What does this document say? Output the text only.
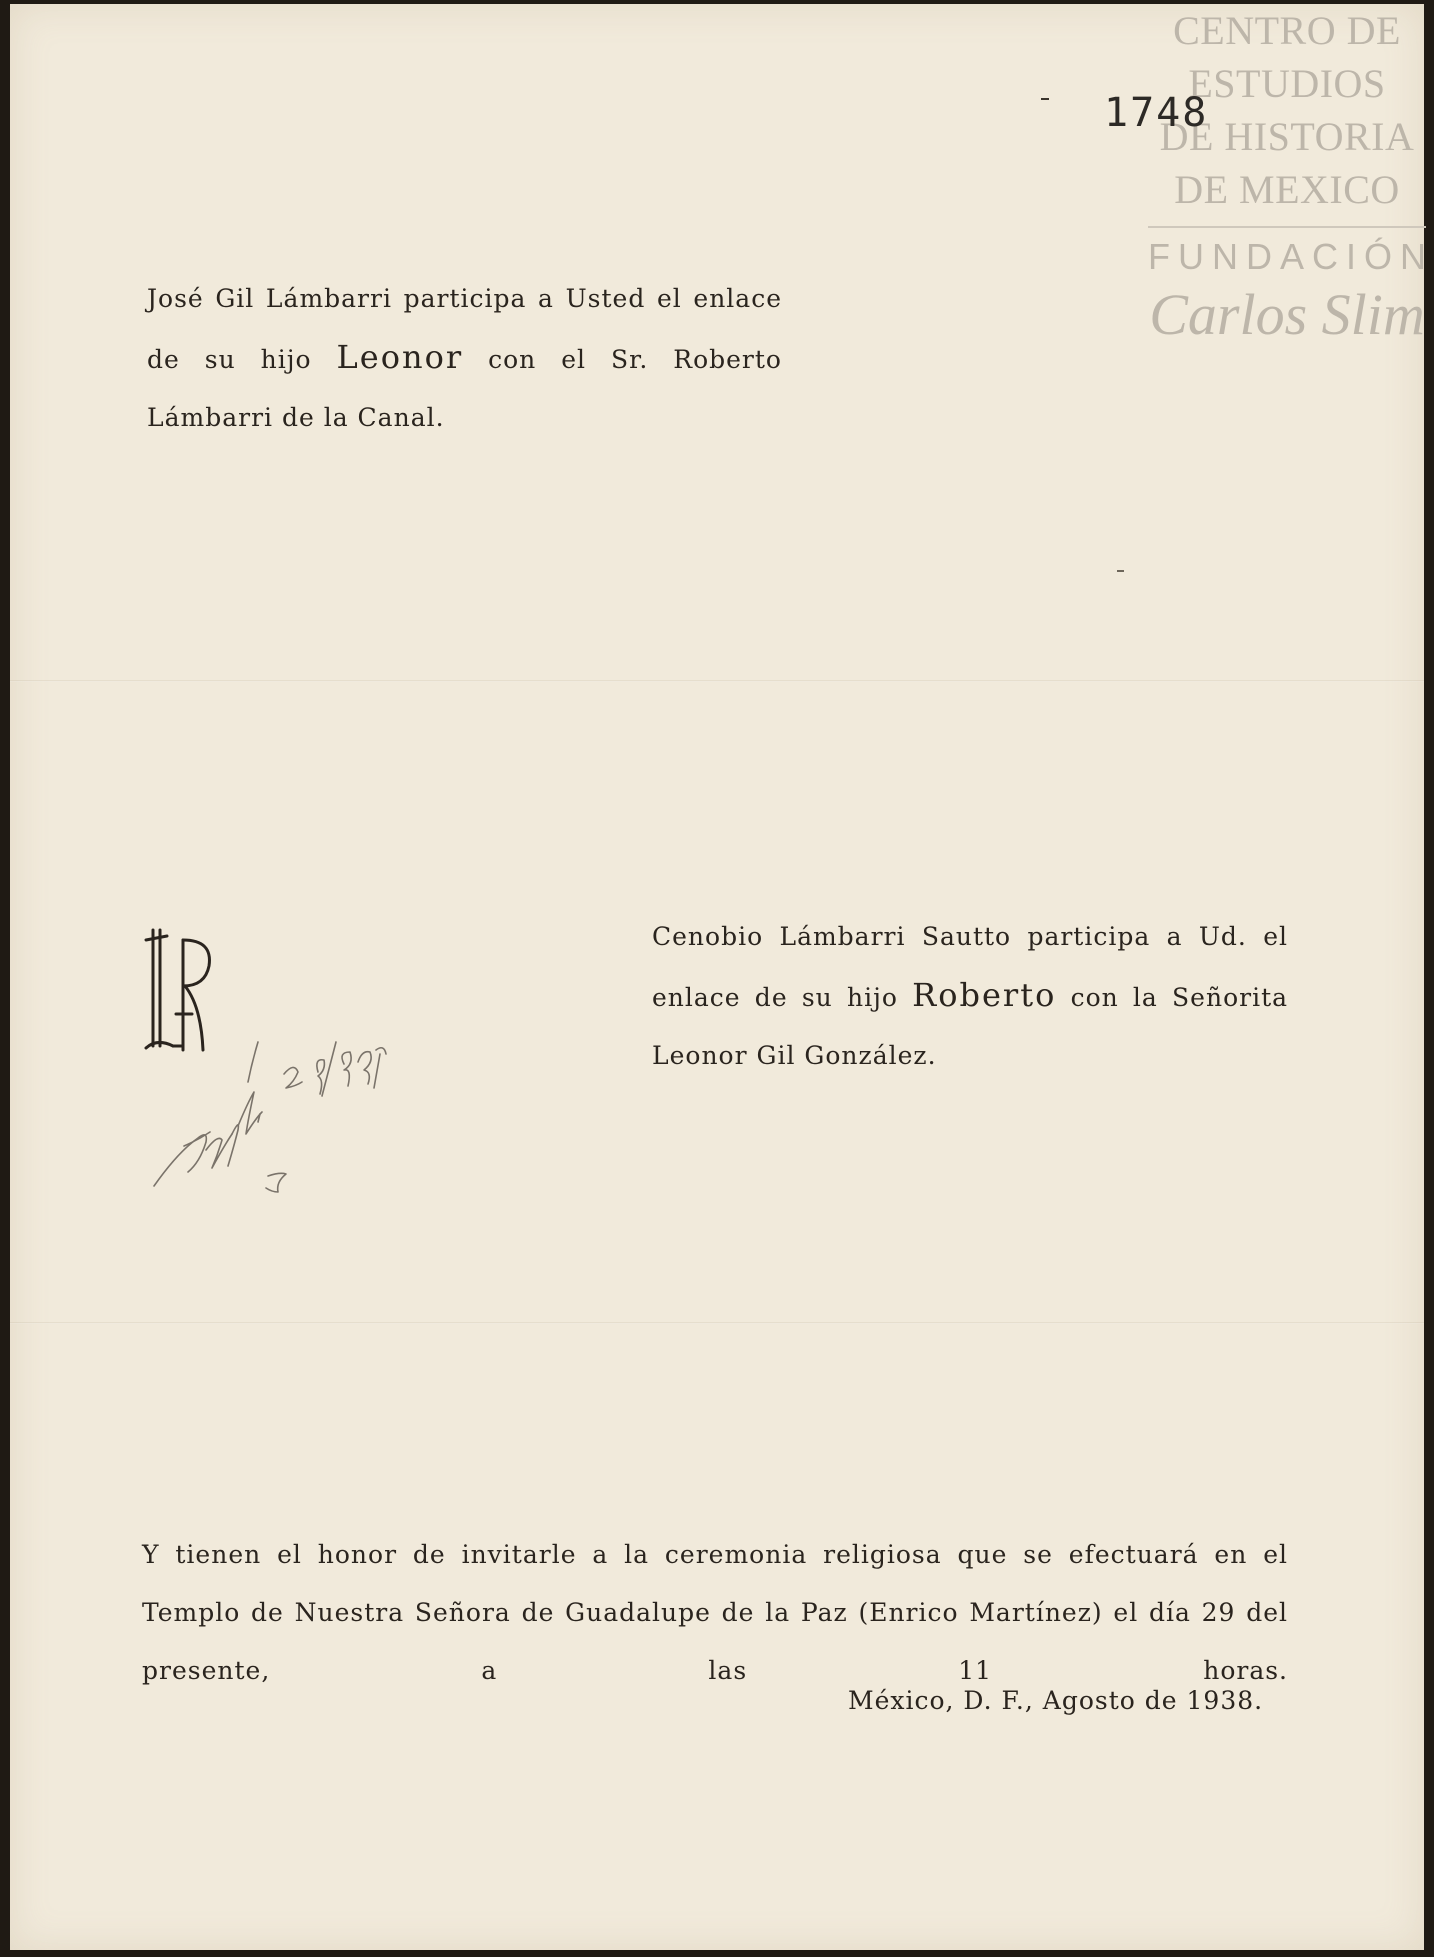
CENTRO DE
ESTUDIOS
DE HISTORIA
DE MEXICO
FUNDACIÓN
Carlos Slim
1748
José Gil Lámbarri participa a Usted el enlace de su hijo Leonor con el Sr. Roberto Lámbarri de la Canal.
Cenobio Lámbarri Sautto participa a Ud. el enlace de su hijo Roberto con la Señorita Leonor Gil González.
Y tienen el honor de invitarle a la ceremonia religiosa que se efectuará en el Templo de Nuestra Señora de Guadalupe de la Paz (Enrico Martínez) el día 29 del presente, a las 11 horas.
México, D. F., Agosto de 1938.
